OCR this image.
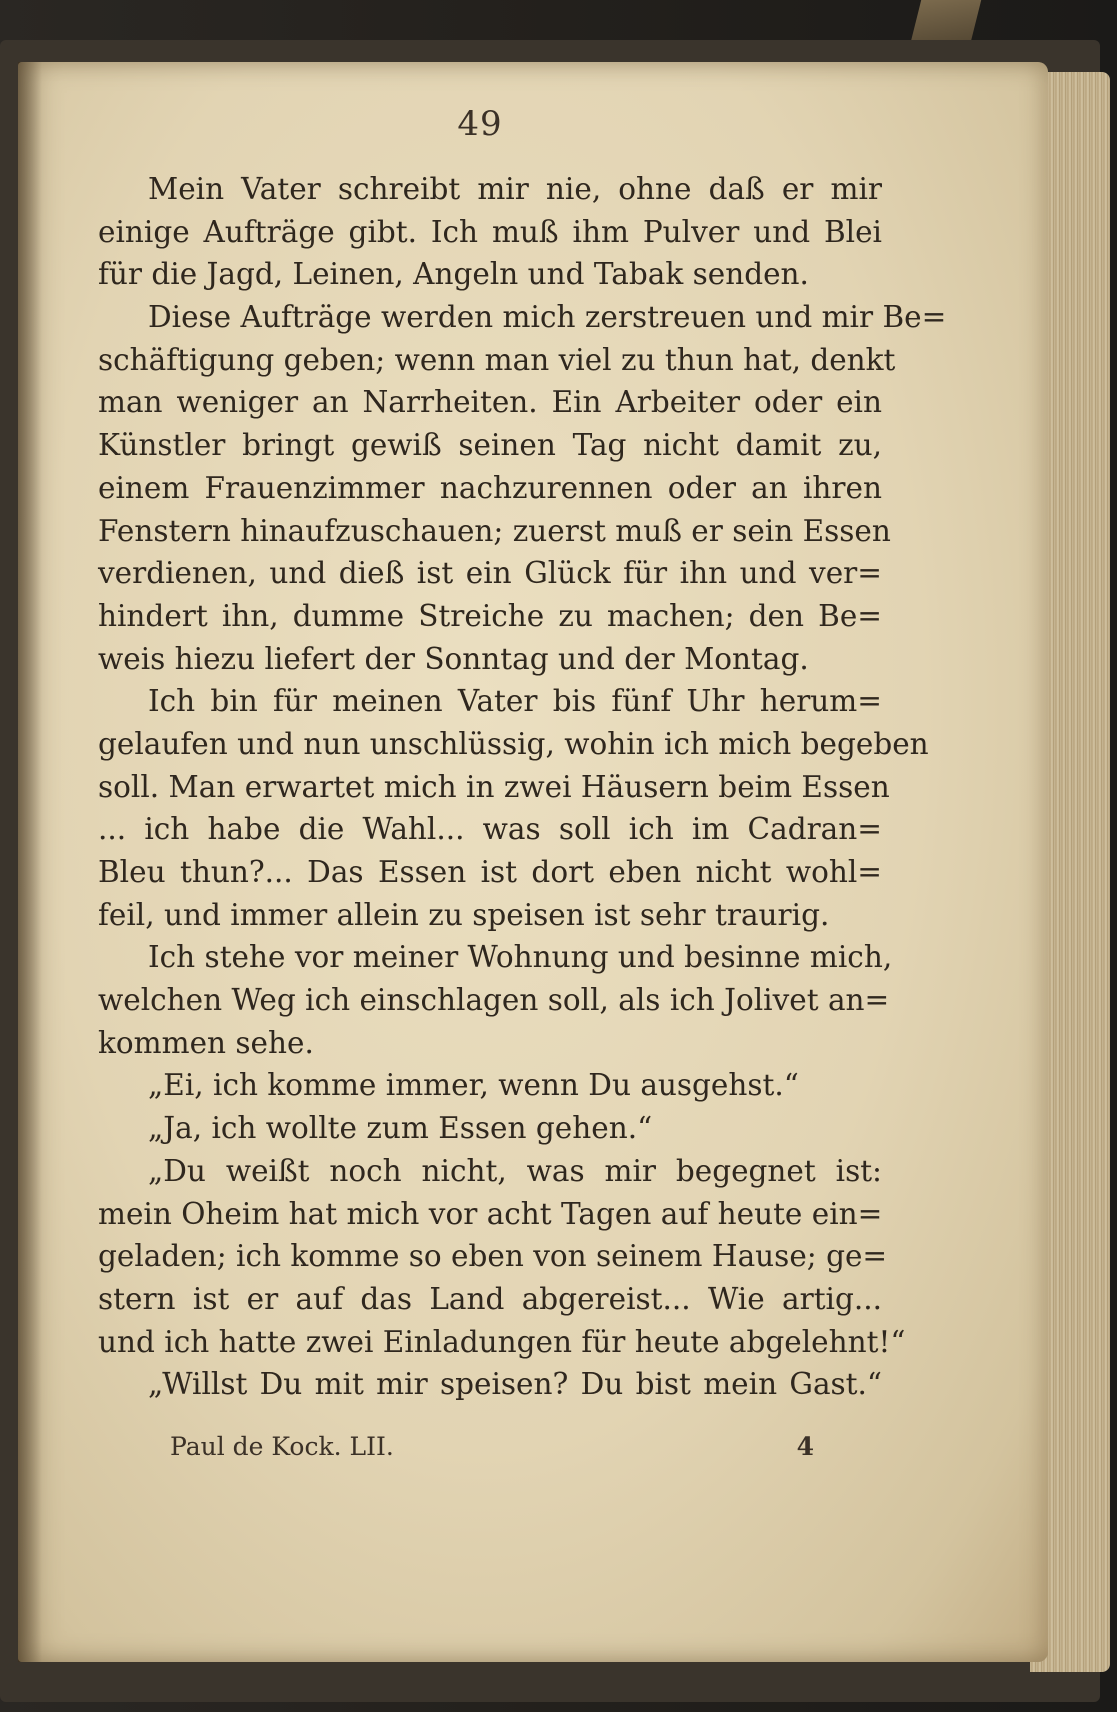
49
Mein Vater schreibt mir nie, ohne daß er mir
einige Aufträge gibt. Ich muß ihm Pulver und Blei
für die Jagd, Leinen, Angeln und Tabak senden.
Diese Aufträge werden mich zerstreuen und mir Be=
schäftigung geben; wenn man viel zu thun hat, denkt
man weniger an Narrheiten. Ein Arbeiter oder ein
Künstler bringt gewiß seinen Tag nicht damit zu,
einem Frauenzimmer nachzurennen oder an ihren
Fenstern hinaufzuschauen; zuerst muß er sein Essen
verdienen, und dieß ist ein Glück für ihn und ver=
hindert ihn, dumme Streiche zu machen; den Be=
weis hiezu liefert der Sonntag und der Montag.
Ich bin für meinen Vater bis fünf Uhr herum=
gelaufen und nun unschlüssig, wohin ich mich begeben
soll. Man erwartet mich in zwei Häusern beim Essen
... ich habe die Wahl... was soll ich im Cadran=
Bleu thun?... Das Essen ist dort eben nicht wohl=
feil, und immer allein zu speisen ist sehr traurig.
Ich stehe vor meiner Wohnung und besinne mich,
welchen Weg ich einschlagen soll, als ich Jolivet an=
kommen sehe.
„Ei, ich komme immer, wenn Du ausgehst.“
„Ja, ich wollte zum Essen gehen.“
„Du weißt noch nicht, was mir begegnet ist:
mein Oheim hat mich vor acht Tagen auf heute ein=
geladen; ich komme so eben von seinem Hause; ge=
stern ist er auf das Land abgereist... Wie artig...
und ich hatte zwei Einladungen für heute abgelehnt!“
„Willst Du mit mir speisen? Du bist mein Gast.“
Paul de Kock. LII.	4
